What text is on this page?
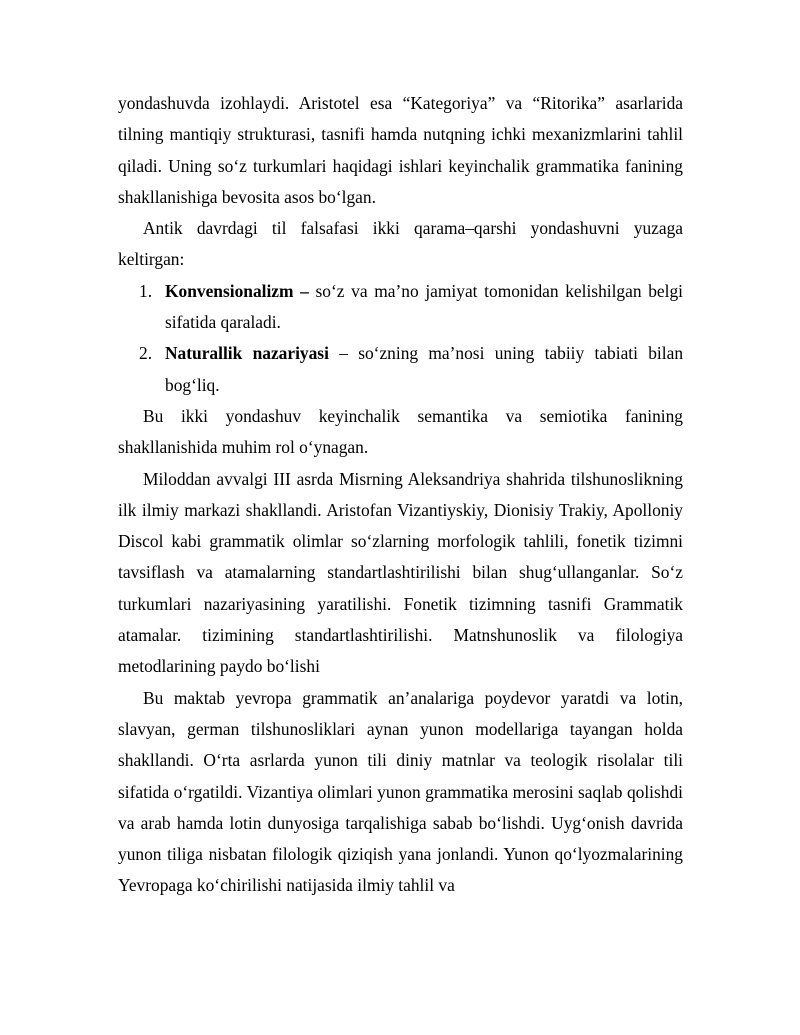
yondashuvda izohlaydi. Aristotel esa “Kategoriya” va “Ritorika” asarlarida tilning mantiqiy strukturasi, tasnifi hamda nutqning ichki mexanizmlarini tahlil qiladi. Uning so‘z turkumlari haqidagi ishlari keyinchalik grammatika fanining shakllanishiga bevosita asos bo‘lgan.

Antik davrdagi til falsafasi ikki qarama–qarshi yondashuvni yuzaga keltirgan:

1. Konvensionalizm – so‘z va ma’no jamiyat tomonidan kelishilgan belgi sifatida qaraladi.
2. Naturallik nazariyasi – so‘zning ma’nosi uning tabiiy tabiati bilan bog‘liq.

Bu ikki yondashuv keyinchalik semantika va semiotika fanining shakllanishida muhim rol o‘ynagan.

Miloddan avvalgi III asrda Misrning Aleksandriya shahrida tilshunoslikning ilk ilmiy markazi shakllandi. Aristofan Vizantiyskiy, Dionisiy Trakiy, Apolloniy Discol kabi grammatik olimlar so‘zlarning morfologik tahlili, fonetik tizimni tavsiflash va atamalarning standartlashtirilishi bilan shug‘ullanganlar. So‘z turkumlari nazariyasining yaratilishi. Fonetik tizimning tasnifi Grammatik atamalar. tizimining standartlashtirilishi. Matnshunoslik va filologiya metodlarining paydo bo‘lishi

Bu maktab yevropa grammatik an’analariga poydevor yaratdi va lotin, slavyan, german tilshunosliklari aynan yunon modellariga tayangan holda shakllandi. O‘rta asrlarda yunon tili diniy matnlar va teologik risolalar tili sifatida o‘rgatildi. Vizantiya olimlari yunon grammatika merosini saqlab qolishdi va arab hamda lotin dunyosiga tarqalishiga sabab bo‘lishdi. Uyg‘onish davrida yunon tiliga nisbatan filologik qiziqish yana jonlandi. Yunon qo‘lyozmalarining Yevropaga ko‘chirilishi natijasida ilmiy tahlil va
